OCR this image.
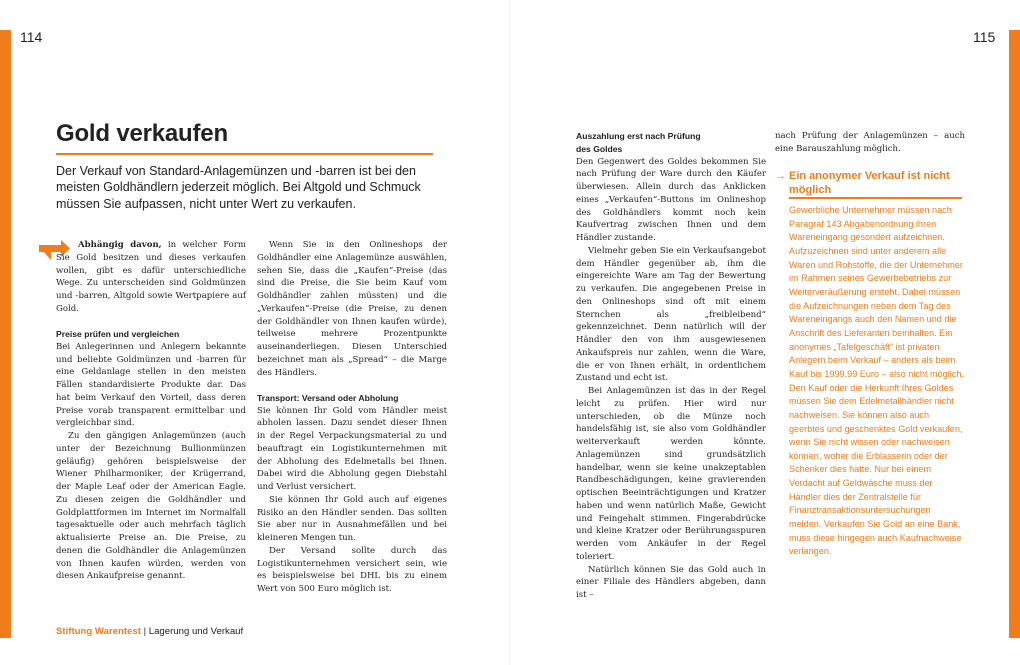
114	115
Gold verkaufen

Der Verkauf von Standard-Anlagemünzen und -barren ist bei den meisten Goldhändlern jederzeit möglich. Bei Altgold und Schmuck müssen Sie aufpassen, nicht unter Wert zu verkaufen.

Abhängig davon, in welcher Form Sie Gold besitzen und dieses verkaufen wollen, gibt es dafür unterschiedliche Wege. Zu unterscheiden sind Goldmünzen und -barren, Altgold sowie Wertpapiere auf Gold.

Preise prüfen und vergleichen

Bei Anlegerinnen und Anlegern bekannte und beliebte Goldmünzen und -barren für eine Geldanlage stellen in den meisten Fällen standardisierte Produkte dar. Das hat beim Verkauf den Vorteil, dass deren Preise vorab transparent ermittelbar und vergleichbar sind.

Zu den gängigen Anlagemünzen (auch unter der Bezeichnung Bullionmünzen geläufig) gehören beispielsweise der Wiener Philharmoniker, der Krügerrand, der Maple Leaf oder der American Eagle. Zu diesen zeigen die Goldhändler und Goldplattformen im Internet im Normalfall tagesaktuelle oder auch mehrfach täglich aktualisierte Preise an. Die Preise, zu denen die Goldhändler die Anlagemünzen von Ihnen kaufen würden, werden von diesen Ankaufpreise genannt.

Wenn Sie in den Onlineshops der Goldhändler eine Anlagemünze auswählen, sehen Sie, dass die „Kaufen“-Preise (das sind die Preise, die Sie beim Kauf vom Goldhändler zahlen müssten) und die „Verkaufen“-Preise (die Preise, zu denen der Goldhändler von Ihnen kaufen würde), teilweise mehrere Prozentpunkte auseinanderliegen. Diesen Unterschied bezeichnet man als „Spread“ – die Marge des Händlers.

Transport: Versand oder Abholung

Sie können Ihr Gold vom Händler meist abholen lassen. Dazu sendet dieser Ihnen in der Regel Verpackungsmaterial zu und beauftragt ein Logistikunternehmen mit der Abholung des Edelmetalls bei Ihnen. Dabei wird die Abholung gegen Diebstahl und Verlust versichert.

Sie können Ihr Gold auch auf eigenes Risiko an den Händler senden. Das sollten Sie aber nur in Ausnahmefällen und bei kleineren Mengen tun.

Der Versand sollte durch das Logistikunternehmen versichert sein, wie es beispielsweise bei DHL bis zu einem Wert von 500 Euro möglich ist.

Auszahlung erst nach Prüfung des Goldes

Den Gegenwert des Goldes bekommen Sie nach Prüfung der Ware durch den Käufer überwiesen. Allein durch das Anklicken eines „Verkaufen“-Buttons im Onlineshop des Goldhändlers kommt noch kein Kaufvertrag zwischen Ihnen und dem Händler zustande.

Vielmehr geben Sie ein Verkaufsangebot dem Händler gegenüber ab, ihm die eingereichte Ware am Tag der Bewertung zu verkaufen. Die angegebenen Preise in den Onlineshops sind oft mit einem Sternchen als „freibleibend“ gekennzeichnet. Denn natürlich will der Händler den von ihm ausgewiesenen Ankaufspreis nur zahlen, wenn die Ware, die er von Ihnen erhält, in ordentlichem Zustand und echt ist.

Bei Anlagemünzen ist das in der Regel leicht zu prüfen. Hier wird nur unterschieden, ob die Münze noch handelsfähig ist, sie also vom Goldhändler weiterverkauft werden könnte. Anlagemünzen sind grundsätzlich handelbar, wenn sie keine unakzeptablen Randbeschädigungen, keine gravierenden optischen Beeinträchtigungen und Kratzer haben und wenn natürlich Maße, Gewicht und Feingehalt stimmen. Fingerabdrücke und kleine Kratzer oder Berührungsspuren werden vom Ankäufer in der Regel toleriert.

Natürlich können Sie das Gold auch in einer Filiale des Händlers abgeben, dann ist –

nach Prüfung der Anlagemünzen – auch eine Barauszahlung möglich.

→ Ein anonymer Verkauf ist nicht möglich

Gewerbliche Unternehmer müssen nach Paragraf 143 Abgabenordnung ihren Wareneingang gesondert aufzeichnen. Aufzuzeichnen sind unter anderem alle Waren und Rohstoffe, die der Unternehmer im Rahmen seines Gewerbebetriebs zur Weiterveräußerung ersteht. Dabei müssen die Aufzeichnungen neben dem Tag des Wareneingangs auch den Namen und die Anschrift des Lieferanten beinhalten. Ein anonymes „Tafelgeschäft“ ist privaten Anlegern beim Verkauf – anders als beim Kauf bis 1999,99 Euro – also nicht möglich. Den Kauf oder die Herkunft Ihres Goldes müssen Sie dem Edelmetallhändler nicht nachweisen. Sie können also auch geerbtes und geschenktes Gold verkaufen, wenn Sie nicht wissen oder nachweisen können, woher die Erblasserin oder der Schenker dies hatte. Nur bei einem Verdacht auf Geldwäsche muss der Händler dies der Zentralstelle für Finanztransaktionsuntersuchungen melden. Verkaufen Sie Gold an eine Bank, muss diese hingegen auch Kaufnachweise verlangen.

Stiftung Warentest | Lagerung und Verkauf
